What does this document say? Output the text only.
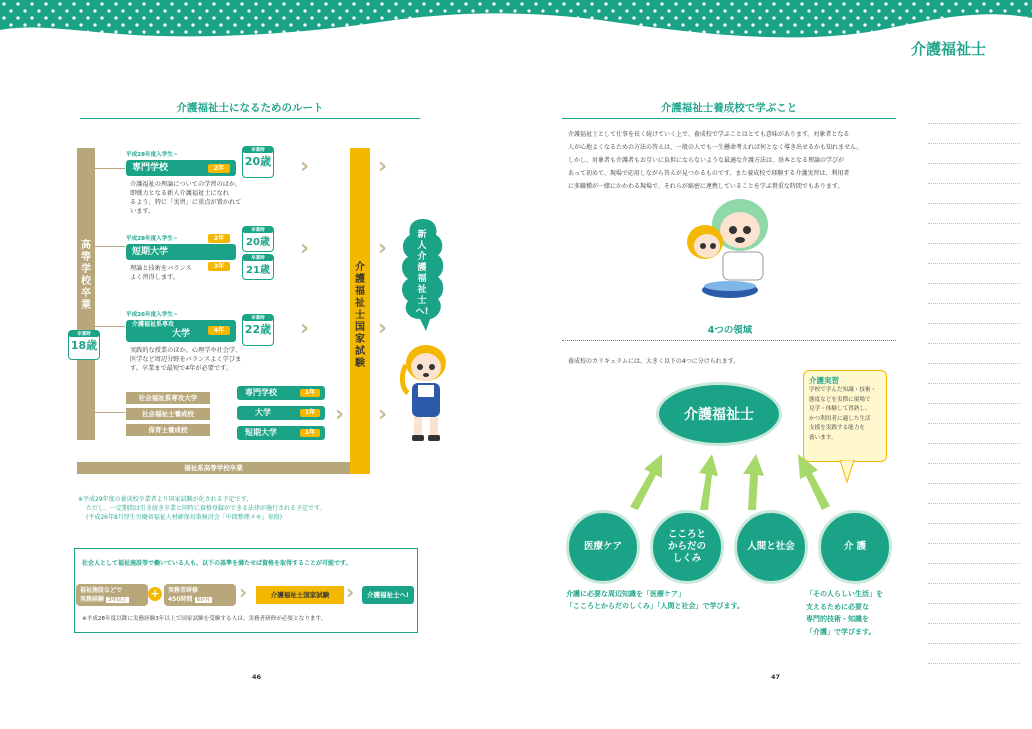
介護福祉士
介護福祉士になるためのルート
高等学校卒業
卒業時
18歳
平成28年度入学生~
専門学校	2年
卒業時
20歳
介護福祉の理論についての学習のほか、
即戦力となる新人介護福祉士になれ
るよう、特に「実習」に重点が置かれて
います。
平成28年度入学生~
短期大学
2年
卒業時
20歳
3年
卒業時
21歳
理論と技術をバランス
よく習得します。
平成26年度入学生~
介護福祉系専攻
大学	4年
卒業時
22歳
実践的な授業のほか、心理学や社会学、
医学など周辺分野をバランスよく学びま
す。卒業まで最短で4年が必要です。
社会福祉系専攻大学
社会福祉士養成校
保育士養成校
専門学校	1年
大学	1年
短期大学	1年
›
›
›
›
›
›
›
›
介護福祉士国家試験
新人介護福祉士へ!
福祉系高等学校卒業
※平成29年度の養成校卒業者より国家試験が化される予定です。
ただし、一定期間は引き続き卒業と同時に資格登録ができる法律が施行される予定です。
(平成26年8月厚生労働省福祉人材確保対策検討会「中間整理メモ」参照)
社会人として福祉施設等で働いている人も、以下の基準を満たせば資格を取得することが可能です。
福祉施設などで
実務経験 3年以上	+	実務者研修
450時間 6か月	›	介護福祉士国家試験 ›	介護福祉士へ!
※平成28年度以降に実務経験3年以上で国家試験を受験する人は、実務者研修が必要となります。
46
介護福祉士養成校で学ぶこと
介護福祉士として仕事を長く続けていく上で、養成校で学ぶことはとても意味があります。対象者となる
人が心地よくなるための方法の答えは、一般の人でも一生懸命考えれば何となく導き出せるかも知れません。
しかし、対象者も介護者もお互いに負担にならないような最適な介護方法は、基本となる理論の学びが
あって初めて、現場で応用しながら答えが見つかるものです。また養成校で経験する介護実習は、利用者
に多職種が一緒にかかわる現場で、それらが綿密に連携していることを学ぶ貴重な時間でもあります。
4つの領域
養成校のカリキュラムには、大きく以下の4つに分けられます。
介護福祉士
介護実習
学校で学んだ知識・技術・
態度などを実際に現場で
見学・体験して習熟し、
かつ利用者に適した生活
支援を実践する能力を
養います。
医療ケア
こころと
からだの
しくみ
人間と社会	介 護
介護に必要な周辺知識を「医療ケア」
「こころとからだのしくみ」「人間と社会」で学びます。
「その人らしい生活」を
支えるために必要な
専門的技術・知識を
「介護」で学びます。
47
